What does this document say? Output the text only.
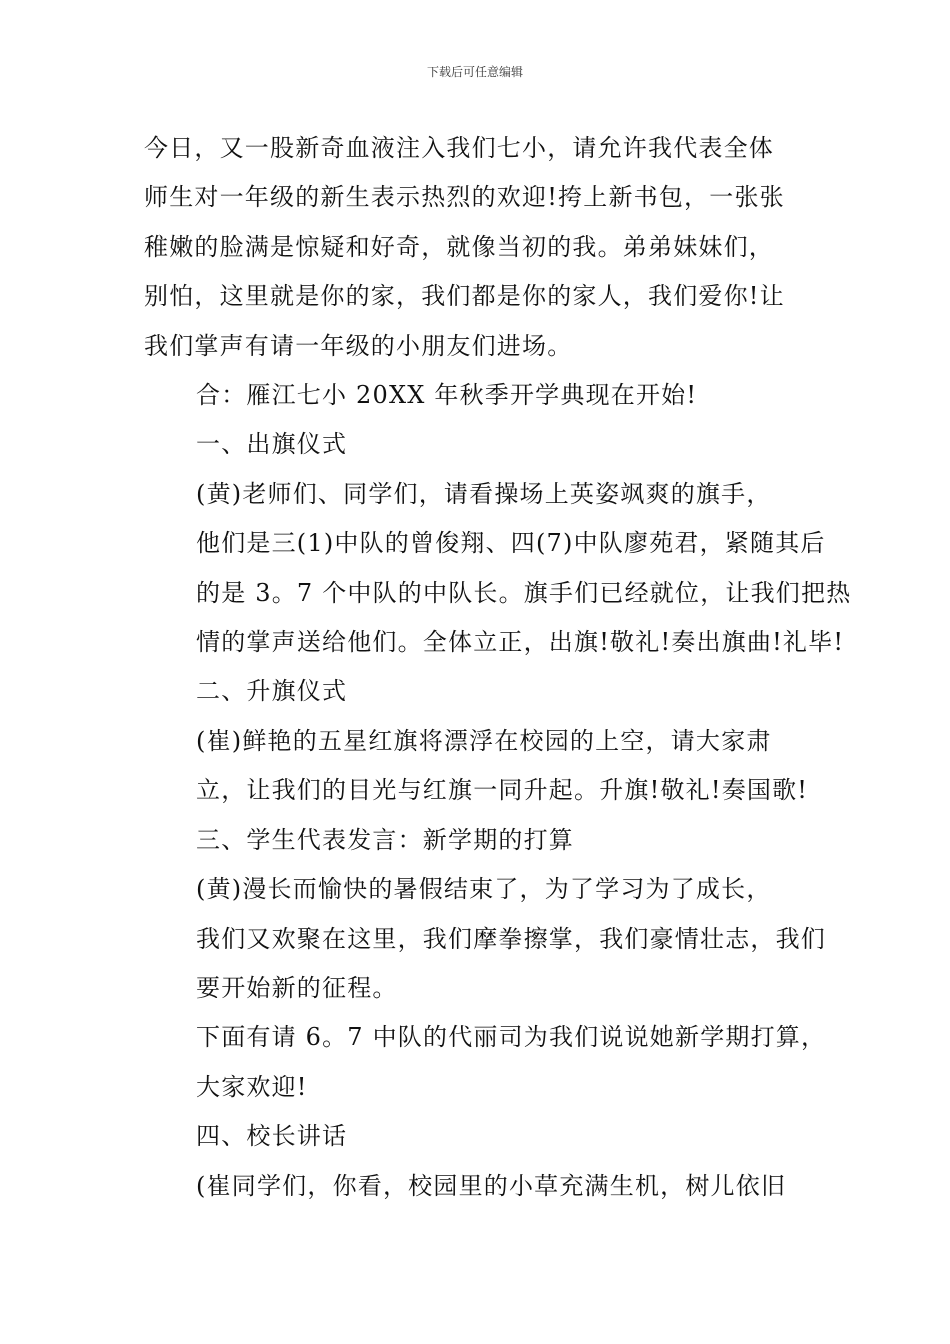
下载后可任意编辑

今日，又一股新奇血液注入我们七小，请允许我代表全体
师生对一年级的新生表示热烈的欢迎!挎上新书包，一张张
稚嫩的脸满是惊疑和好奇，就像当初的我。弟弟妹妹们，
别怕，这里就是你的家，我们都是你的家人，我们爱你!让
我们掌声有请一年级的小朋友们进场。

合：雁江七小 20XX 年秋季开学典现在开始!

一、出旗仪式

(黄)老师们、同学们，请看操场上英姿飒爽的旗手，
他们是三(1)中队的曾俊翔、四(7)中队廖苑君，紧随其后
的是 3。7 个中队的中队长。旗手们已经就位，让我们把热
情的掌声送给他们。全体立正，出旗!敬礼!奏出旗曲!礼毕!

二、升旗仪式

(崔)鲜艳的五星红旗将漂浮在校园的上空，请大家肃
立，让我们的目光与红旗一同升起。升旗!敬礼!奏国歌!

三、学生代表发言：新学期的打算

(黄)漫长而愉快的暑假结束了，为了学习为了成长，
我们又欢聚在这里，我们摩拳擦掌，我们豪情壮志，我们
要开始新的征程。

下面有请 6。7 中队的代丽司为我们说说她新学期打算，
大家欢迎!

四、校长讲话

(崔同学们，你看，校园里的小草充满生机，树儿依旧
